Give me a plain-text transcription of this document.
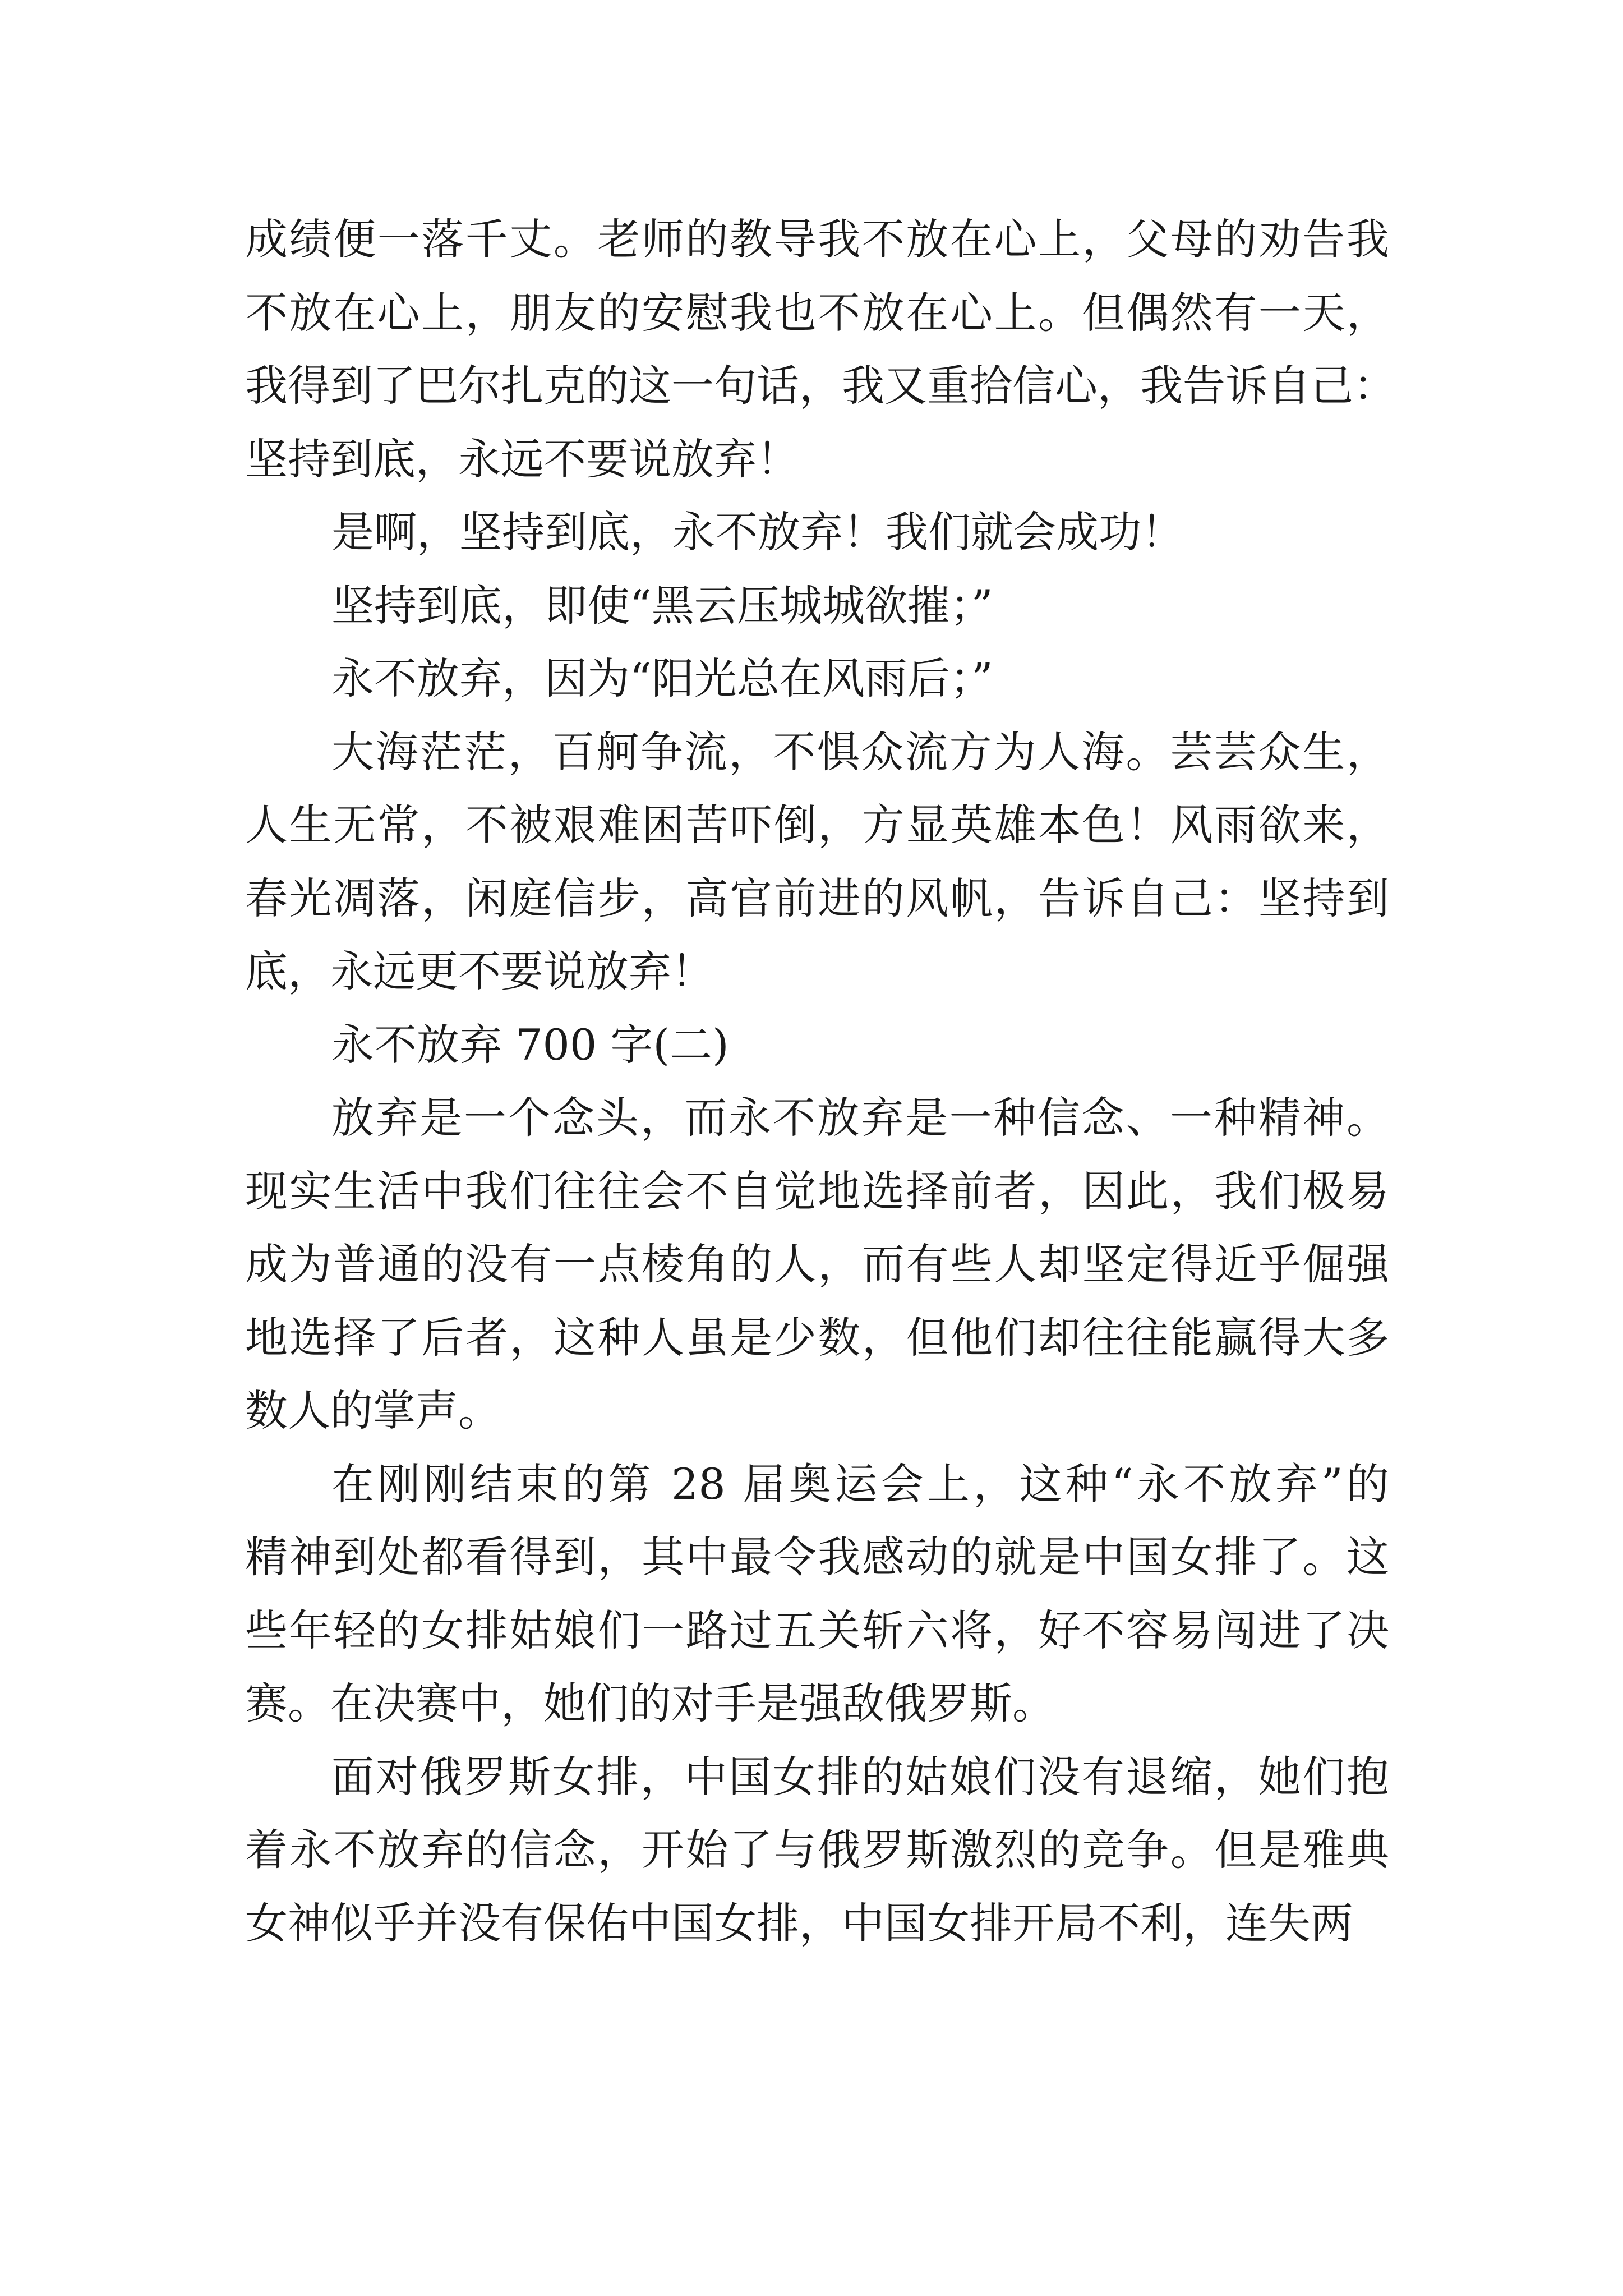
成绩便一落千丈。老师的教导我不放在心上，父母的劝告我
不放在心上，朋友的安慰我也不放在心上。但偶然有一天，
我得到了巴尔扎克的这一句话，我又重拾信心，我告诉自己：
坚持到底，永远不要说放弃！
是啊，坚持到底，永不放弃！我们就会成功！
坚持到底，即使“黑云压城城欲摧；”
永不放弃，因为“阳光总在风雨后；”
大海茫茫，百舸争流，不惧众流方为人海。芸芸众生，
人生无常，不被艰难困苦吓倒，方显英雄本色！风雨欲来，
春光凋落，闲庭信步，高官前进的风帆，告诉自己：坚持到
底，永远更不要说放弃！
永不放弃 700 字(二)
放弃是一个念头，而永不放弃是一种信念、一种精神。
现实生活中我们往往会不自觉地选择前者，因此，我们极易
成为普通的没有一点棱角的人，而有些人却坚定得近乎倔强
地选择了后者，这种人虽是少数，但他们却往往能赢得大多
数人的掌声。
在刚刚结束的第 28 届奥运会上，这种“永不放弃”的
精神到处都看得到，其中最令我感动的就是中国女排了。这
些年轻的女排姑娘们一路过五关斩六将，好不容易闯进了决
赛。在决赛中，她们的对手是强敌俄罗斯。
面对俄罗斯女排，中国女排的姑娘们没有退缩，她们抱
着永不放弃的信念，开始了与俄罗斯激烈的竞争。但是雅典
女神似乎并没有保佑中国女排，中国女排开局不利，连失两
